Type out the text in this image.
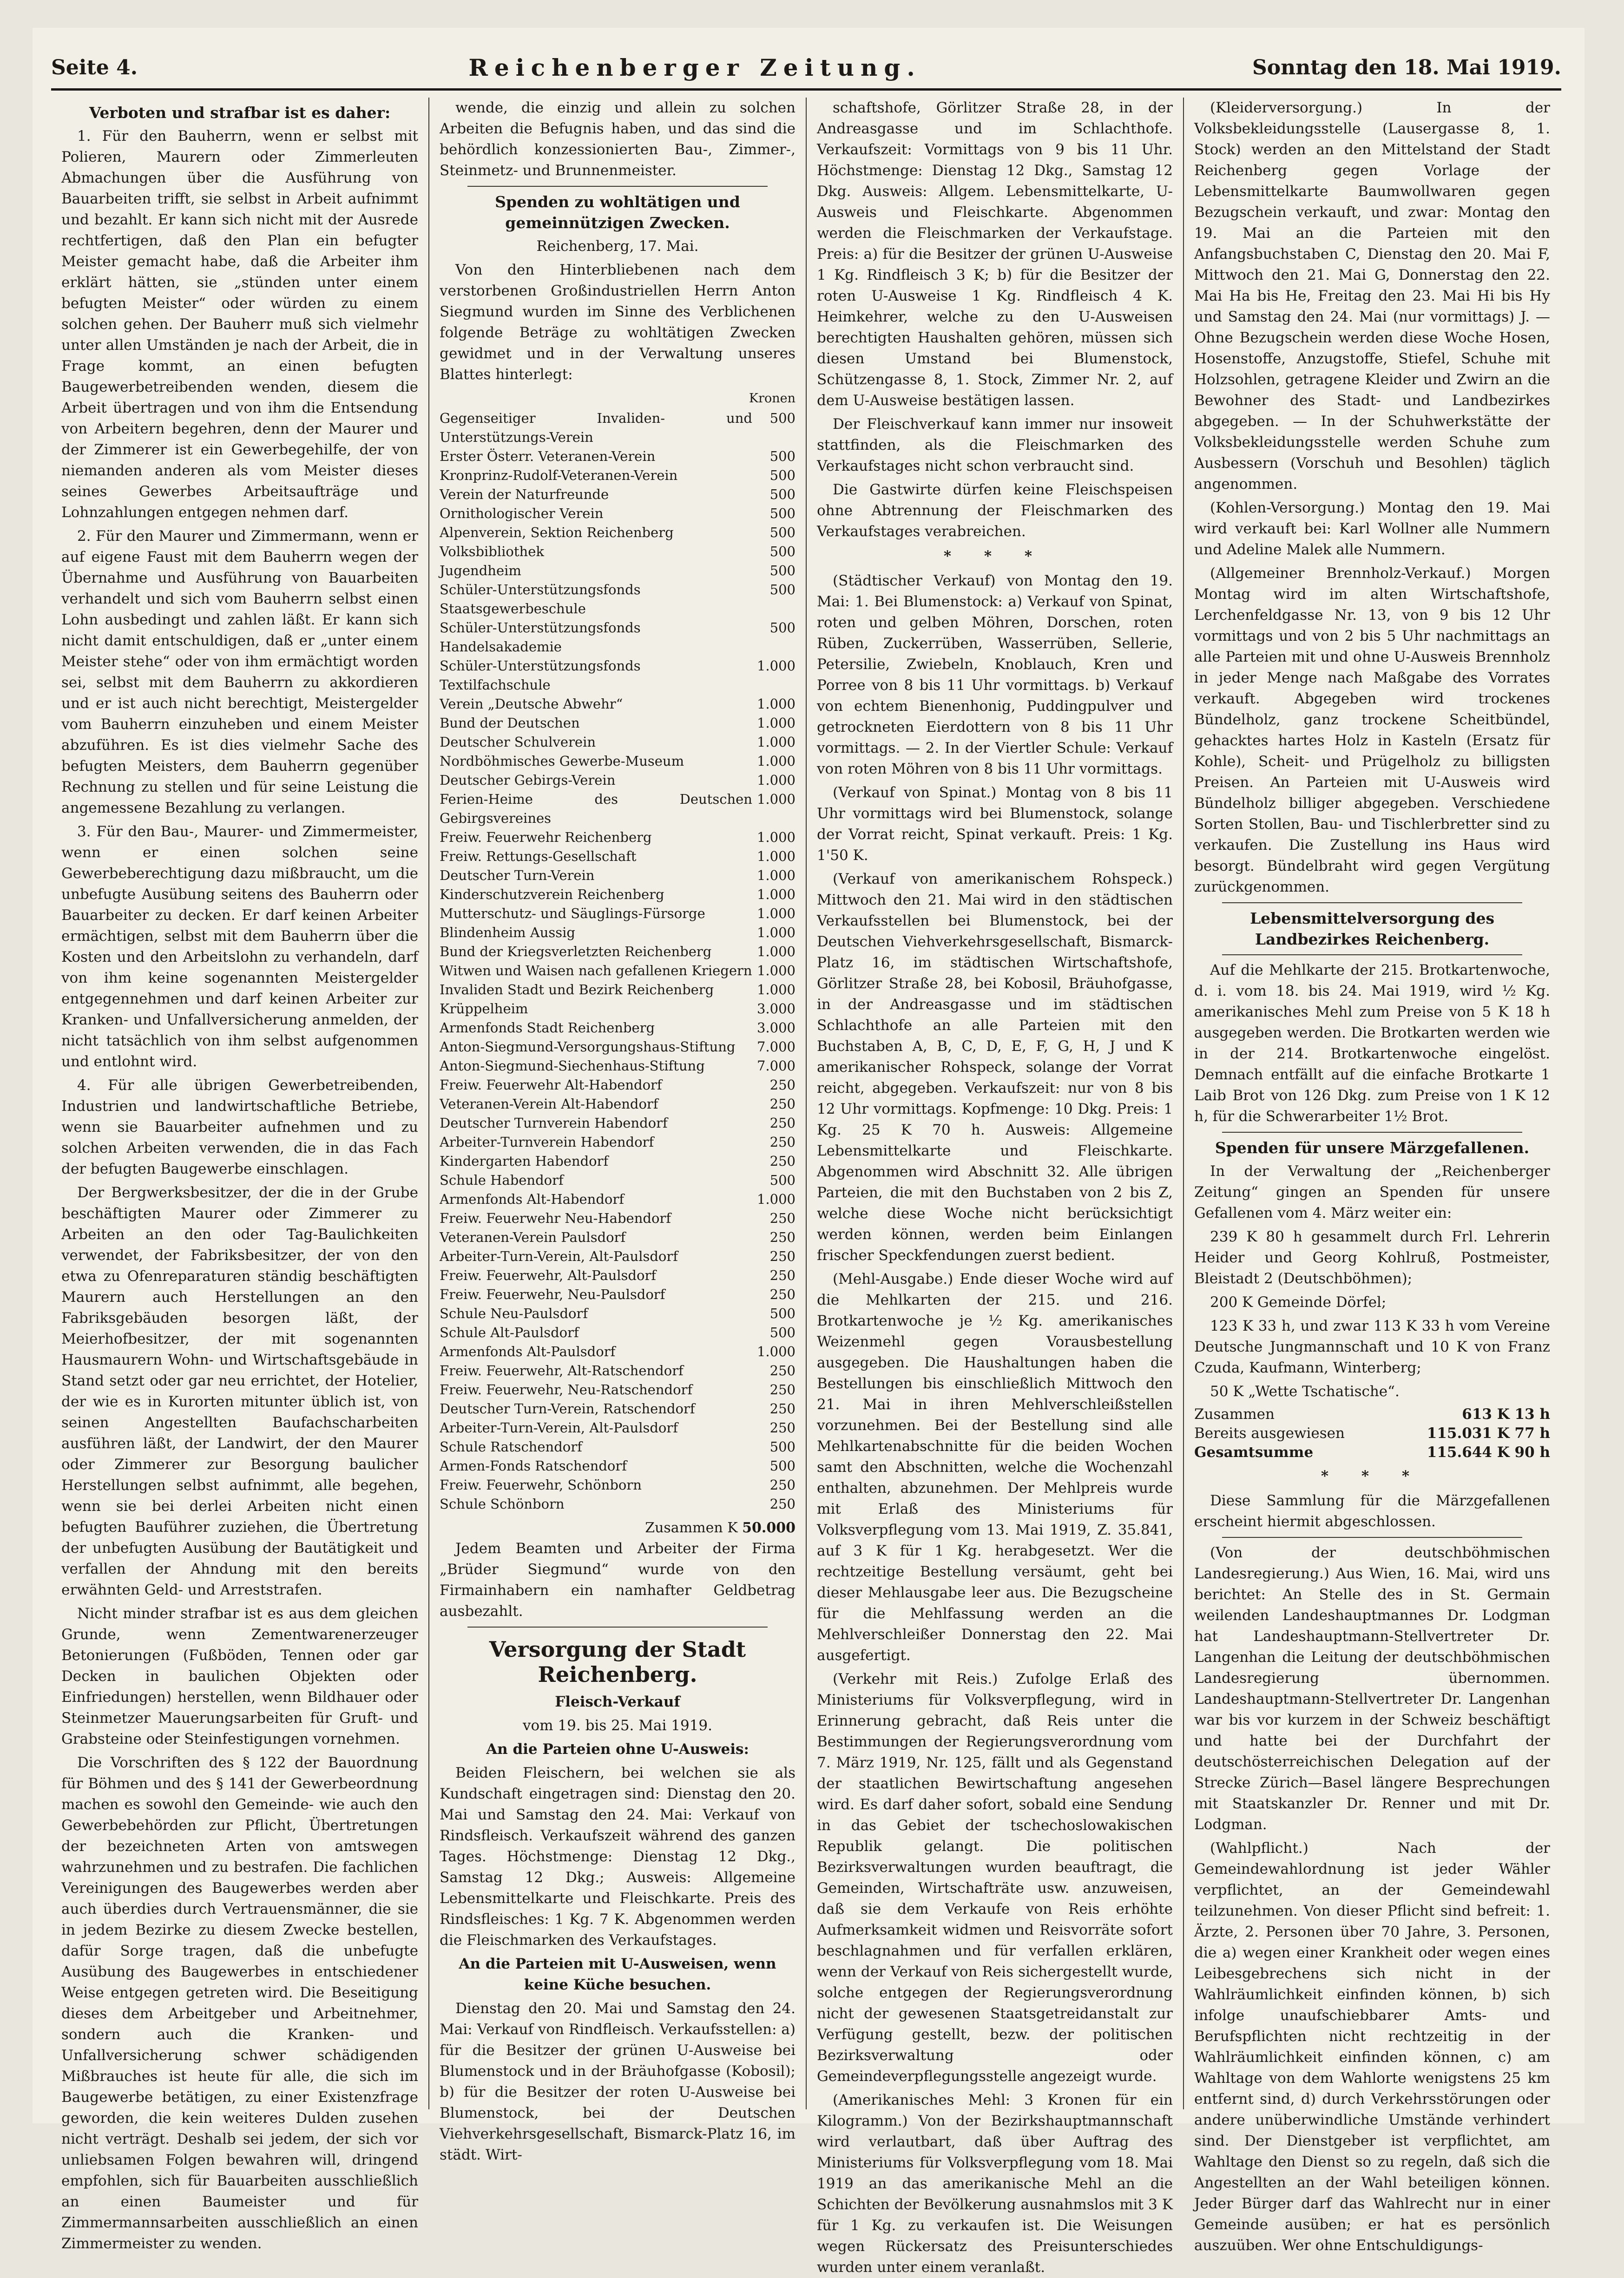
Seite 4.	Reichenberger Zeitung.	Sonntag den 18. Mai 1919.
Verboten und strafbar ist es daher:

1. Für den Bauherrn, wenn er selbst mit Polieren, Maurern oder Zimmerleuten Abmachungen über die Ausführung von Bauarbeiten trifft, sie selbst in Arbeit aufnimmt und bezahlt. Er kann sich nicht mit der Ausrede rechtfertigen, daß den Plan ein befugter Meister gemacht habe, daß die Arbeiter ihm erklärt hätten, sie „stünden unter einem befugten Meister“ oder würden zu einem solchen gehen. Der Bauherr muß sich vielmehr unter allen Umständen je nach der Arbeit, die in Frage kommt, an einen befugten Baugewerbetreibenden wenden, diesem die Arbeit übertragen und von ihm die Entsendung von Arbeitern begehren, denn der Maurer und der Zimmerer ist ein Gewerbegehilfe, der von niemanden anderen als vom Meister dieses seines Gewerbes Arbeitsaufträge und Lohnzahlungen entgegen nehmen darf.

2. Für den Maurer und Zimmermann, wenn er auf eigene Faust mit dem Bauherrn wegen der Übernahme und Ausführung von Bauarbeiten verhandelt und sich vom Bauherrn selbst einen Lohn ausbedingt und zahlen läßt. Er kann sich nicht damit entschuldigen, daß er „unter einem Meister stehe“ oder von ihm ermächtigt worden sei, selbst mit dem Bauherrn zu akkordieren und er ist auch nicht berechtigt, Meistergelder vom Bauherrn einzuheben und einem Meister abzuführen. Es ist dies vielmehr Sache des befugten Meisters, dem Bauherrn gegenüber Rechnung zu stellen und für seine Leistung die angemessene Bezahlung zu verlangen.

3. Für den Bau-, Maurer- und Zimmermeister, wenn er einen solchen seine Gewerbeberechtigung dazu mißbraucht, um die unbefugte Ausübung seitens des Bauherrn oder Bauarbeiter zu decken. Er darf keinen Arbeiter ermächtigen, selbst mit dem Bauherrn über die Kosten und den Arbeitslohn zu verhandeln, darf von ihm keine sogenannten Meistergelder entgegennehmen und darf keinen Arbeiter zur Kranken- und Unfallversicherung anmelden, der nicht tatsächlich von ihm selbst aufgenommen und entlohnt wird.

4. Für alle übrigen Gewerbetreibenden, Industrien und landwirtschaftliche Betriebe, wenn sie Bauarbeiter aufnehmen und zu solchen Arbeiten verwenden, die in das Fach der befugten Baugewerbe einschlagen.

Der Bergwerksbesitzer, der die in der Grube beschäftigten Maurer oder Zimmerer zu Arbeiten an den oder Tag-Baulichkeiten verwendet, der Fabriksbesitzer, der von den etwa zu Ofenreparaturen ständig beschäftigten Maurern auch Herstellungen an den Fabriksgebäuden besorgen läßt, der Meierhofbesitzer, der mit sogenannten Hausmaurern Wohn- und Wirtschaftsgebäude in Stand setzt oder gar neu errichtet, der Hotelier, der wie es in Kurorten mitunter üblich ist, von seinen Angestellten Baufachscharbeiten ausführen läßt, der Landwirt, der den Maurer oder Zimmerer zur Besorgung baulicher Herstellungen selbst aufnimmt, alle begehen, wenn sie bei derlei Arbeiten nicht einen befugten Bauführer zuziehen, die Übertretung der unbefugten Ausübung der Bautätigkeit und verfallen der Ahndung mit den bereits erwähnten Geld- und Arreststrafen.

Nicht minder strafbar ist es aus dem gleichen Grunde, wenn Zementwarenerzeuger Betonierungen (Fußböden, Tennen oder gar Decken in baulichen Objekten oder Einfriedungen) herstellen, wenn Bildhauer oder Steinmetzer Mauerungsarbeiten für Gruft- und Grabsteine oder Steinfestigungen vornehmen.

Die Vorschriften des § 122 der Bauordnung für Böhmen und des § 141 der Gewerbeordnung machen es sowohl den Gemeinde- wie auch den Gewerbebehörden zur Pflicht, Übertretungen der bezeichneten Arten von amtswegen wahrzunehmen und zu bestrafen. Die fachlichen Vereinigungen des Baugewerbes werden aber auch überdies durch Vertrauensmänner, die sie in jedem Bezirke zu diesem Zwecke bestellen, dafür Sorge tragen, daß die unbefugte Ausübung des Baugewerbes in entschiedener Weise entgegen getreten wird. Die Beseitigung dieses dem Arbeitgeber und Arbeitnehmer, sondern auch die Kranken- und Unfallversicherung schwer schädigenden Mißbrauches ist heute für alle, die sich im Baugewerbe betätigen, zu einer Existenzfrage geworden, die kein weiteres Dulden zusehen nicht verträgt. Deshalb sei jedem, der sich vor unliebsamen Folgen bewahren will, dringend empfohlen, sich für Bauarbeiten ausschließlich an einen Baumeister und für Zimmermannsarbeiten ausschließlich an einen Zimmermeister zu wenden.

wende, die einzig und allein zu solchen Arbeiten die Befugnis haben, und das sind die behördlich konzessionierten Bau-, Zimmer-, Steinmetz- und Brunnenmeister.

Spenden zu wohltätigen und gemeinnützigen Zwecken.

Reichenberg, 17. Mai.

Von den Hinterbliebenen nach dem verstorbenen Großindustriellen Herrn Anton Siegmund wurden im Sinne des Verblichenen folgende Beträge zu wohltätigen Zwecken gewidmet und in der Verwaltung unseres Blattes hinterlegt:

Kronen
Gegenseitiger Invaliden- und Unterstützungs-Verein	500
Erster Österr. Veteranen-Verein	500
Kronprinz-Rudolf-Veteranen-Verein	500
Verein der Naturfreunde	500
Ornithologischer Verein	500
Alpenverein, Sektion Reichenberg	500
Volksbibliothek	500
Jugendheim	500
Schüler-Unterstützungsfonds Staatsgewerbeschule	500
Schüler-Unterstützungsfonds Handelsakademie	500
Schüler-Unterstützungsfonds Textilfachschule	1.000
Verein „Deutsche Abwehr“	1.000
Bund der Deutschen	1.000
Deutscher Schulverein	1.000
Nordböhmisches Gewerbe-Museum	1.000
Deutscher Gebirgs-Verein	1.000
Ferien-Heime des Deutschen Gebirgsvereines	1.000
Freiw. Feuerwehr Reichenberg	1.000
Freiw. Rettungs-Gesellschaft	1.000
Deutscher Turn-Verein	1.000
Kinderschutzverein Reichenberg	1.000
Mutterschutz- und Säuglings-Fürsorge	1.000
Blindenheim Aussig	1.000
Bund der Kriegsverletzten Reichenberg	1.000
Witwen und Waisen nach gefallenen Kriegern	1.000
Invaliden Stadt und Bezirk Reichenberg	1.000
Krüppelheim	3.000
Armenfonds Stadt Reichenberg	3.000
Anton-Siegmund-Versorgungshaus-Stiftung	7.000
Anton-Siegmund-Siechenhaus-Stiftung	7.000
Freiw. Feuerwehr Alt-Habendorf	250
Veteranen-Verein Alt-Habendorf	250
Deutscher Turnverein Habendorf	250
Arbeiter-Turnverein Habendorf	250
Kindergarten Habendorf	250
Schule Habendorf	500
Armenfonds Alt-Habendorf	1.000
Freiw. Feuerwehr Neu-Habendorf	250
Veteranen-Verein Paulsdorf	250
Arbeiter-Turn-Verein, Alt-Paulsdorf	250
Freiw. Feuerwehr, Alt-Paulsdorf	250
Freiw. Feuerwehr, Neu-Paulsdorf	250
Schule Neu-Paulsdorf	500
Schule Alt-Paulsdorf	500
Armenfonds Alt-Paulsdorf	1.000
Freiw. Feuerwehr, Alt-Ratschendorf	250
Freiw. Feuerwehr, Neu-Ratschendorf	250
Deutscher Turn-Verein, Ratschendorf	250
Arbeiter-Turn-Verein, Alt-Paulsdorf	250
Schule Ratschendorf	500
Armen-Fonds Ratschendorf	500
Freiw. Feuerwehr, Schönborn	250
Schule Schönborn	250
Zusammen K 50.000

Jedem Beamten und Arbeiter der Firma „Brüder Siegmund“ wurde von den Firmainhabern ein namhafter Geldbetrag ausbezahlt.

Versorgung der Stadt Reichenberg.

Fleisch-Verkauf

vom 19. bis 25. Mai 1919.

An die Parteien ohne U-Ausweis:

Beiden Fleischern, bei welchen sie als Kundschaft eingetragen sind: Dienstag den 20. Mai und Samstag den 24. Mai: Verkauf von Rindsfleisch. Verkaufszeit während des ganzen Tages. Höchstmenge: Dienstag 12 Dkg., Samstag 12 Dkg.; Ausweis: Allgemeine Lebensmittelkarte und Fleischkarte. Preis des Rindsfleisches: 1 Kg. 7 K. Abgenommen werden die Fleischmarken des Verkaufstages.

An die Parteien mit U-Ausweisen, wenn keine Küche besuchen.

Dienstag den 20. Mai und Samstag den 24. Mai: Verkauf von Rindfleisch. Verkaufsstellen: a) für die Besitzer der grünen U-Ausweise bei Blumenstock und in der Bräuhofgasse (Kobosil); b) für die Besitzer der roten U-Ausweise bei Blumenstock, bei der Deutschen Viehverkehrsgesellschaft, Bismarck-Platz 16, im städt. Wirt-

schaftshofe, Görlitzer Straße 28, in der Andreasgasse und im Schlachthofe. Verkaufszeit: Vormittags von 9 bis 11 Uhr. Höchstmenge: Dienstag 12 Dkg., Samstag 12 Dkg. Ausweis: Allgem. Lebensmittelkarte, U-Ausweis und Fleischkarte. Abgenommen werden die Fleischmarken der Verkaufstage. Preis: a) für die Besitzer der grünen U-Ausweise 1 Kg. Rindfleisch 3 K; b) für die Besitzer der roten U-Ausweise 1 Kg. Rindfleisch 4 K. Heimkehrer, welche zu den U-Ausweisen berechtigten Haushalten gehören, müssen sich diesen Umstand bei Blumenstock, Schützengasse 8, 1. Stock, Zimmer Nr. 2, auf dem U-Ausweise bestätigen lassen.

Der Fleischverkauf kann immer nur insoweit stattfinden, als die Fleischmarken des Verkaufstages nicht schon verbraucht sind.

Die Gastwirte dürfen keine Fleischspeisen ohne Abtrennung der Fleischmarken des Verkaufstages verabreichen.

* * *

(Städtischer Verkauf) von Montag den 19. Mai: 1. Bei Blumenstock: a) Verkauf von Spinat, roten und gelben Möhren, Dorschen, roten Rüben, Zuckerrüben, Wasserrüben, Sellerie, Petersilie, Zwiebeln, Knoblauch, Kren und Porree von 8 bis 11 Uhr vormittags. b) Verkauf von echtem Bienenhonig, Puddingpulver und getrockneten Eierdottern von 8 bis 11 Uhr vormittags. — 2. In der Viertler Schule: Verkauf von roten Möhren von 8 bis 11 Uhr vormittags.

(Verkauf von Spinat.) Montag von 8 bis 11 Uhr vormittags wird bei Blumenstock, solange der Vorrat reicht, Spinat verkauft. Preis: 1 Kg. 1'50 K.

(Verkauf von amerikanischem Rohspeck.) Mittwoch den 21. Mai wird in den städtischen Verkaufsstellen bei Blumenstock, bei der Deutschen Viehverkehrsgesellschaft, Bismarck-Platz 16, im städtischen Wirtschaftshofe, Görlitzer Straße 28, bei Kobosil, Bräuhofgasse, in der Andreasgasse und im städtischen Schlachthofe an alle Parteien mit den Buchstaben A, B, C, D, E, F, G, H, J und K amerikanischer Rohspeck, solange der Vorrat reicht, abgegeben. Verkaufszeit: nur von 8 bis 12 Uhr vormittags. Kopfmenge: 10 Dkg. Preis: 1 Kg. 25 K 70 h. Ausweis: Allgemeine Lebensmittelkarte und Fleischkarte. Abgenommen wird Abschnitt 32. Alle übrigen Parteien, die mit den Buchstaben von 2 bis Z, welche diese Woche nicht berücksichtigt werden können, werden beim Einlangen frischer Speckfendungen zuerst bedient.

(Mehl-Ausgabe.) Ende dieser Woche wird auf die Mehlkarten der 215. und 216. Brotkartenwoche je ½ Kg. amerikanisches Weizenmehl gegen Vorausbestellung ausgegeben. Die Haushaltungen haben die Bestellungen bis einschließlich Mittwoch den 21. Mai in ihren Mehlverschleißstellen vorzunehmen. Bei der Bestellung sind alle Mehlkartenabschnitte für die beiden Wochen samt den Abschnitten, welche die Wochenzahl enthalten, abzunehmen. Der Mehlpreis wurde mit Erlaß des Ministeriums für Volksverpflegung vom 13. Mai 1919, Z. 35.841, auf 3 K für 1 Kg. herabgesetzt. Wer die rechtzeitige Bestellung versäumt, geht bei dieser Mehlausgabe leer aus. Die Bezugscheine für die Mehlfassung werden an die Mehlverschleißer Donnerstag den 22. Mai ausgefertigt.

(Verkehr mit Reis.) Zufolge Erlaß des Ministeriums für Volksverpflegung, wird in Erinnerung gebracht, daß Reis unter die Bestimmungen der Regierungsverordnung vom 7. März 1919, Nr. 125, fällt und als Gegenstand der staatlichen Bewirtschaftung angesehen wird. Es darf daher sofort, sobald eine Sendung in das Gebiet der tschechoslowakischen Republik gelangt. Die politischen Bezirksverwaltungen wurden beauftragt, die Gemeinden, Wirtschafträte usw. anzuweisen, daß sie dem Verkaufe von Reis erhöhte Aufmerksamkeit widmen und Reisvorräte sofort beschlagnahmen und für verfallen erklären, wenn der Verkauf von Reis sichergestellt wurde, solche entgegen der Regierungsverordnung nicht der gewesenen Staatsgetreidanstalt zur Verfügung gestellt, bezw. der politischen Bezirksverwaltung oder Gemeindeverpflegungsstelle angezeigt wurde.

(Amerikanisches Mehl: 3 Kronen für ein Kilogramm.) Von der Bezirkshauptmannschaft wird verlautbart, daß über Auftrag des Ministeriums für Volksverpflegung vom 18. Mai 1919 an das amerikanische Mehl an die Schichten der Bevölkerung ausnahmslos mit 3 K für 1 Kg. zu verkaufen ist. Die Weisungen wegen Rückersatz des Preisunterschiedes wurden unter einem veranlaßt.

(Kleiderversorgung.) In der Volksbekleidungsstelle (Lausergasse 8, 1. Stock) werden an den Mittelstand der Stadt Reichenberg gegen Vorlage der Lebensmittelkarte Baumwollwaren gegen Bezugschein verkauft, und zwar: Montag den 19. Mai an die Parteien mit den Anfangsbuchstaben C, Dienstag den 20. Mai F, Mittwoch den 21. Mai G, Donnerstag den 22. Mai Ha bis He, Freitag den 23. Mai Hi bis Hy und Samstag den 24. Mai (nur vormittags) J. — Ohne Bezugschein werden diese Woche Hosen, Hosenstoffe, Anzugstoffe, Stiefel, Schuhe mit Holzsohlen, getragene Kleider und Zwirn an die Bewohner des Stadt- und Landbezirkes abgegeben. — In der Schuhwerkstätte der Volksbekleidungsstelle werden Schuhe zum Ausbessern (Vorschuh und Besohlen) täglich angenommen.

(Kohlen-Versorgung.) Montag den 19. Mai wird verkauft bei: Karl Wollner alle Nummern und Adeline Malek alle Nummern.

(Allgemeiner Brennholz-Verkauf.) Morgen Montag wird im alten Wirtschaftshofe, Lerchenfeldgasse Nr. 13, von 9 bis 12 Uhr vormittags und von 2 bis 5 Uhr nachmittags an alle Parteien mit und ohne U-Ausweis Brennholz in jeder Menge nach Maßgabe des Vorrates verkauft. Abgegeben wird trockenes Bündelholz, ganz trockene Scheitbündel, gehacktes hartes Holz in Kasteln (Ersatz für Kohle), Scheit- und Prügelholz zu billigsten Preisen. An Parteien mit U-Ausweis wird Bündelholz billiger abgegeben. Verschiedene Sorten Stollen, Bau- und Tischlerbretter sind zu verkaufen. Die Zustellung ins Haus wird besorgt. Bündelbraht wird gegen Vergütung zurückgenommen.

Lebensmittelversorgung des Landbezirkes Reichenberg.

Auf die Mehlkarte der 215. Brotkartenwoche, d. i. vom 18. bis 24. Mai 1919, wird ½ Kg. amerikanisches Mehl zum Preise von 5 K 18 h ausgegeben werden. Die Brotkarten werden wie in der 214. Brotkartenwoche eingelöst. Demnach entfällt auf die einfache Brotkarte 1 Laib Brot von 126 Dkg. zum Preise von 1 K 12 h, für die Schwerarbeiter 1½ Brot.

Spenden für unsere Märzgefallenen.

In der Verwaltung der „Reichenberger Zeitung“ gingen an Spenden für unsere Gefallenen vom 4. März weiter ein:

239 K 80 h gesammelt durch Frl. Lehrerin Heider und Georg Kohlruß, Postmeister, Bleistadt 2 (Deutschböhmen);

200 K Gemeinde Dörfel;

123 K 33 h, und zwar 113 K 33 h vom Vereine Deutsche Jungmannschaft und 10 K von Franz Czuda, Kaufmann, Winterberg;

50 K „Wette Tschatische“.

Zusammen	613 K 13 h
Bereits ausgewiesen	115.031 K 77 h
Gesamtsumme	115.644 K 90 h
* * *

Diese Sammlung für die Märzgefallenen erscheint hiermit abgeschlossen.

(Von der deutschböhmischen Landesregierung.) Aus Wien, 16. Mai, wird uns berichtet: An Stelle des in St. Germain weilenden Landeshauptmannes Dr. Lodgman hat Landeshauptmann-Stellvertreter Dr. Langenhan die Leitung der deutschböhmischen Landesregierung übernommen. Landeshauptmann-Stellvertreter Dr. Langenhan war bis vor kurzem in der Schweiz beschäftigt und hatte bei der Durchfahrt der deutschösterreichischen Delegation auf der Strecke Zürich—Basel längere Besprechungen mit Staatskanzler Dr. Renner und mit Dr. Lodgman.

(Wahlpflicht.) Nach der Gemeindewahlordnung ist jeder Wähler verpflichtet, an der Gemeindewahl teilzunehmen. Von dieser Pflicht sind befreit: 1. Ärzte, 2. Personen über 70 Jahre, 3. Personen, die a) wegen einer Krankheit oder wegen eines Leibesgebrechens sich nicht in der Wahlräumlichkeit einfinden können, b) sich infolge unaufschiebbarer Amts- und Berufspflichten nicht rechtzeitig in der Wahlräumlichkeit einfinden können, c) am Wahltage von dem Wahlorte wenigstens 25 km entfernt sind, d) durch Verkehrsstörungen oder andere unüberwindliche Umstände verhindert sind. Der Dienstgeber ist verpflichtet, am Wahltage den Dienst so zu regeln, daß sich die Angestellten an der Wahl beteiligen können. Jeder Bürger darf das Wahlrecht nur in einer Gemeinde ausüben; er hat es persönlich auszuüben. Wer ohne Entschuldigungs-
